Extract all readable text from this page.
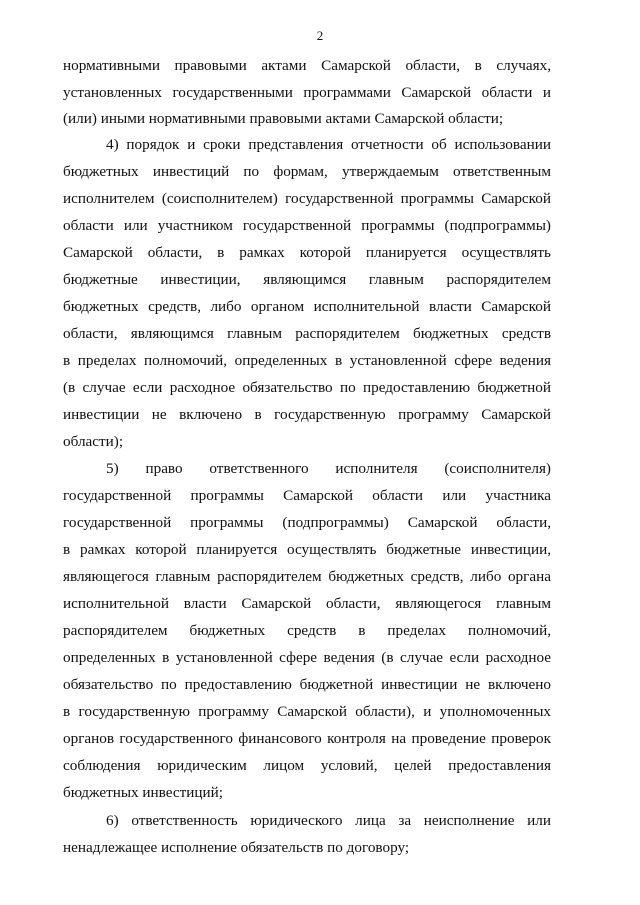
2
нормативными правовыми актами Самарской области, в случаях,
установленных государственными программами Самарской области и
(или) иными нормативными правовыми актами Самарской области;
4) порядок и сроки представления отчетности об использовании
бюджетных инвестиций по формам, утверждаемым ответственным
исполнителем (соисполнителем) государственной программы Самарской
области или участником государственной программы (подпрограммы)
Самарской области, в рамках которой планируется осуществлять
бюджетные инвестиции, являющимся главным распорядителем
бюджетных средств, либо органом исполнительной власти Самарской
области, являющимся главным распорядителем бюджетных средств
в пределах полномочий, определенных в установленной сфере ведения
(в случае если расходное обязательство по предоставлению бюджетной
инвестиции не включено в государственную программу Самарской
области);
5) право ответственного исполнителя (соисполнителя)
государственной программы Самарской области или участника
государственной программы (подпрограммы) Самарской области,
в рамках которой планируется осуществлять бюджетные инвестиции,
являющегося главным распорядителем бюджетных средств, либо органа
исполнительной власти Самарской области, являющегося главным
распорядителем бюджетных средств в пределах полномочий,
определенных в установленной сфере ведения (в случае если расходное
обязательство по предоставлению бюджетной инвестиции не включено
в государственную программу Самарской области), и уполномоченных
органов государственного финансового контроля на проведение проверок
соблюдения юридическим лицом условий, целей предоставления
бюджетных инвестиций;
6) ответственность юридического лица за неисполнение или
ненадлежащее исполнение обязательств по договору;
